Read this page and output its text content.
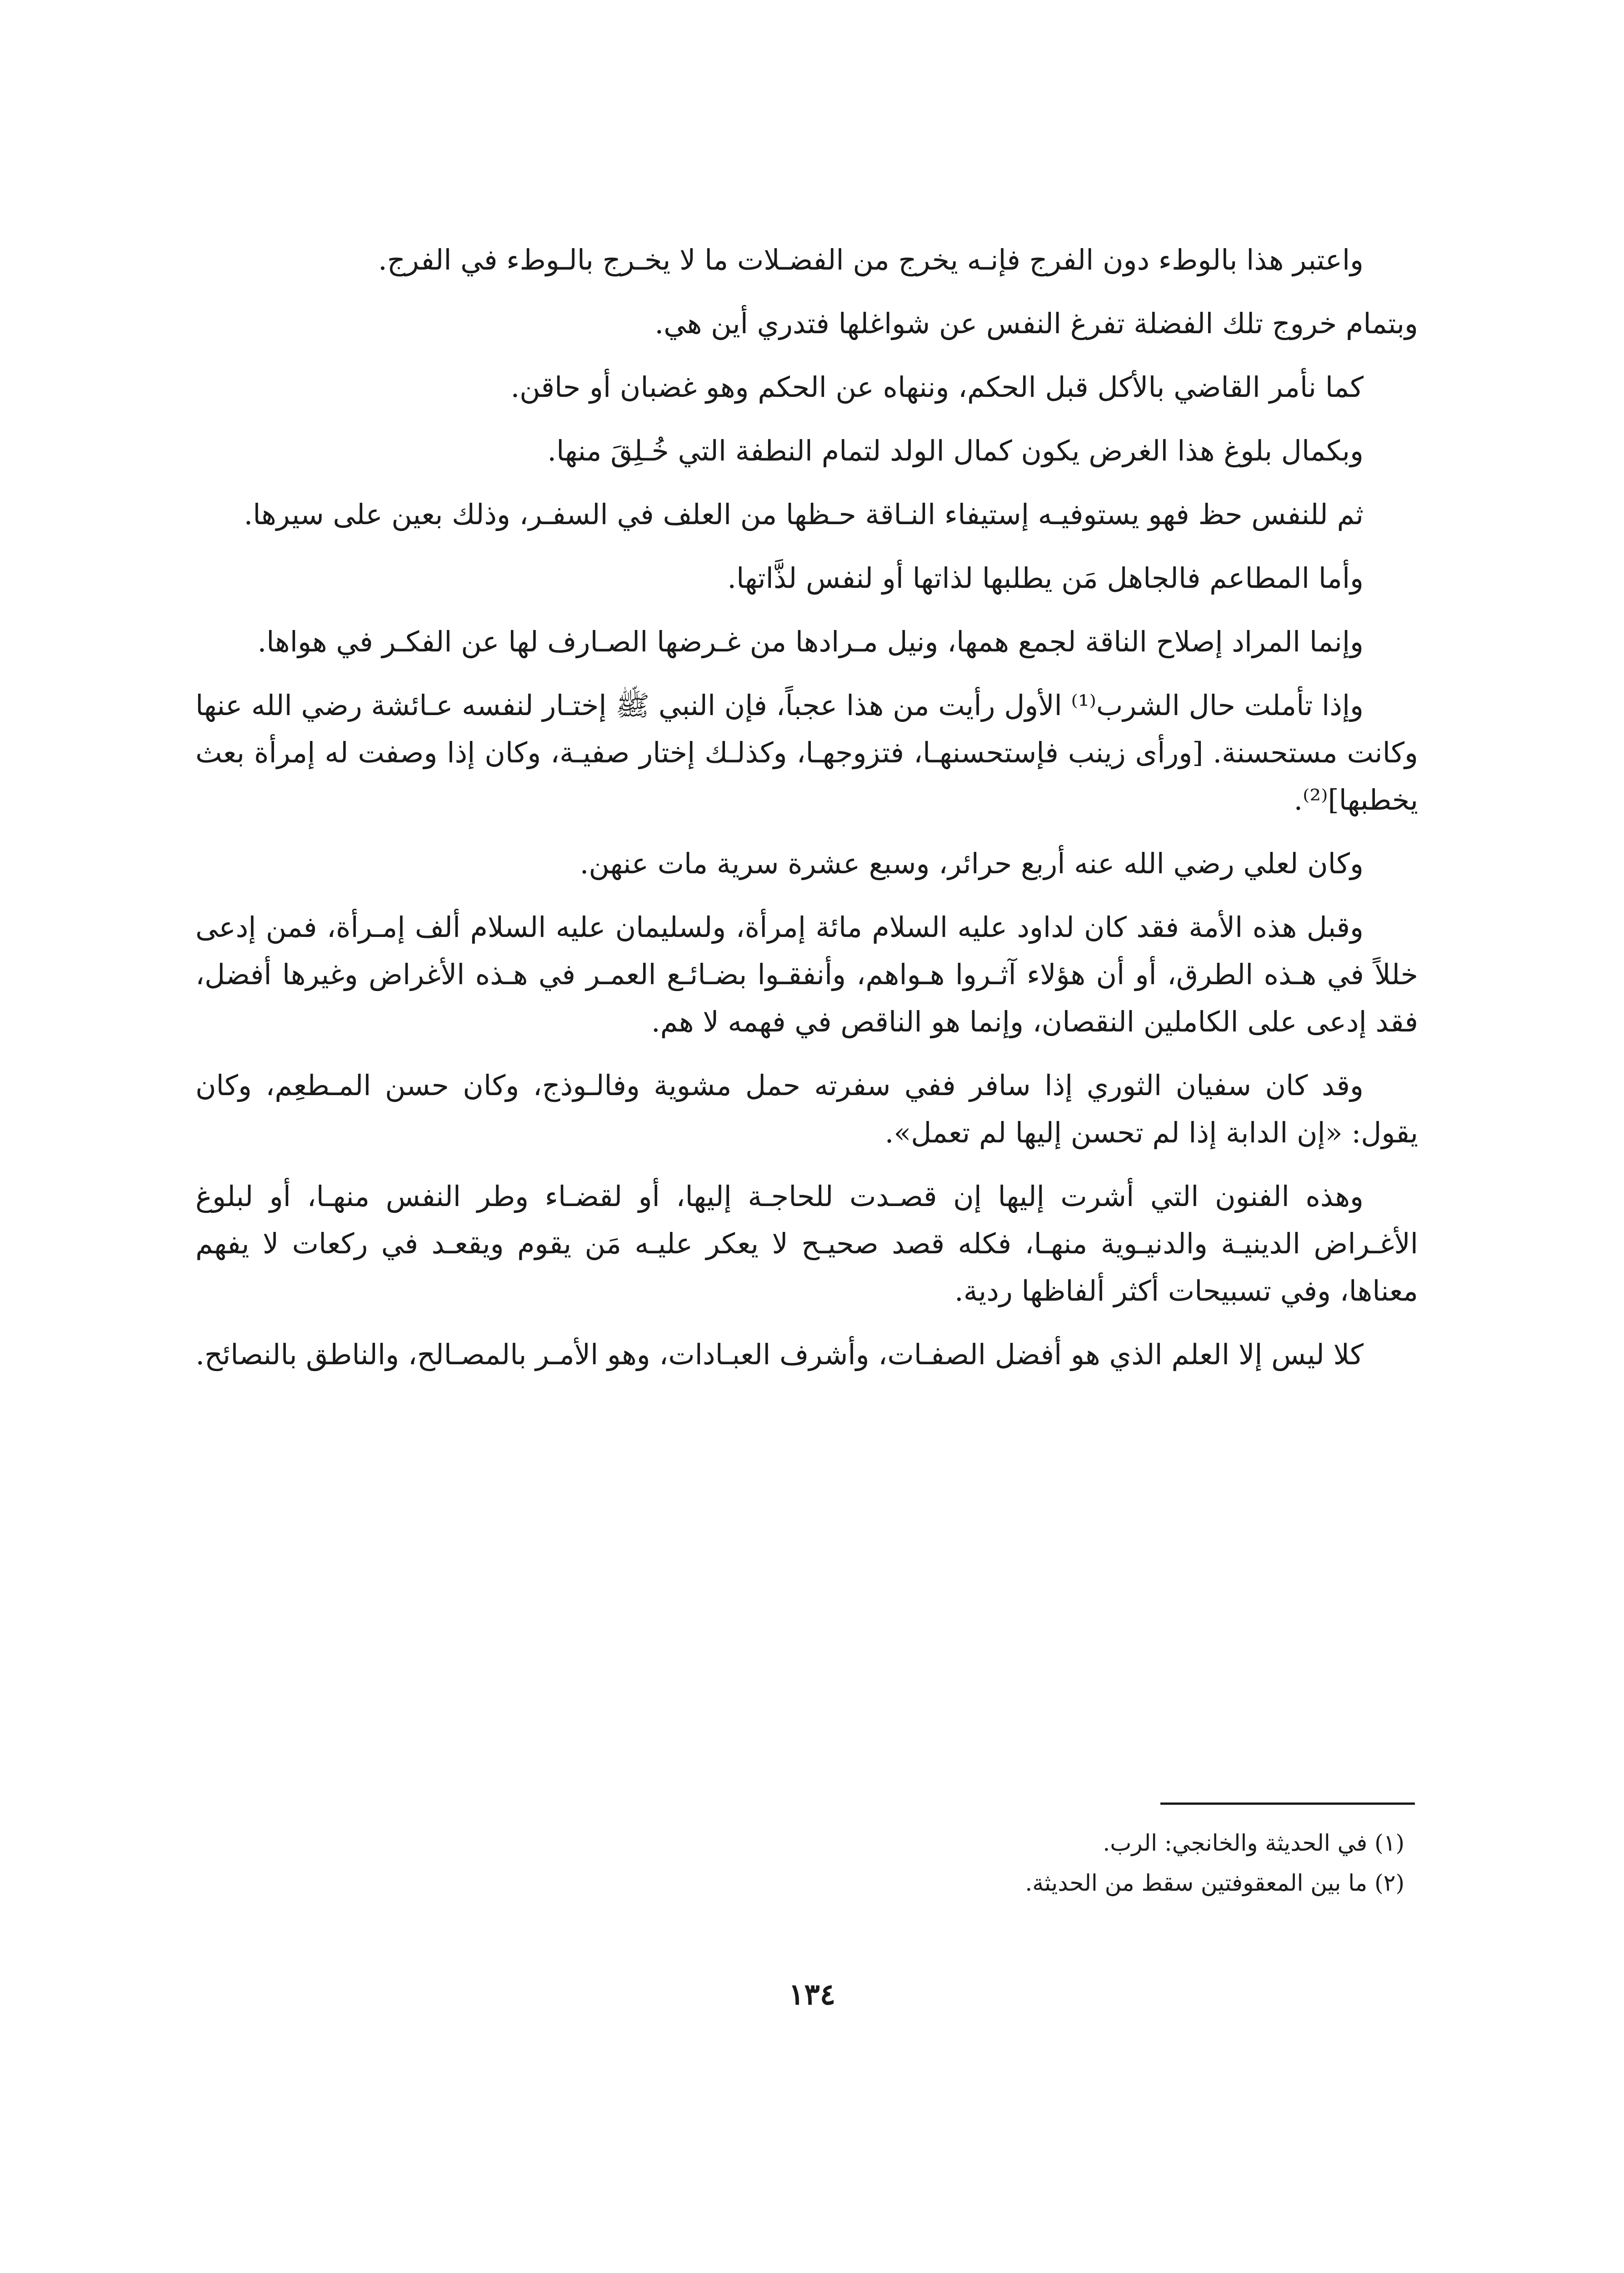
واعتبر هذا بالوطء دون الفرج فإنـه يخرج من الفضـلات ما لا يخـرج بالـوطء في الفرج.

وبتمام خروج تلك الفضلة تفرغ النفس عن شواغلها فتدري أين هي.

كما نأمر القاضي بالأكل قبل الحكم، وننهاه عن الحكم وهو غضبان أو حاقن.

وبكمال بلوغ هذا الغرض يكون كمال الولد لتمام النطفة التي خُـلِقَ منها.

ثم للنفس حظ فهو يستوفيـه إستيفاء النـاقة حـظها من العلف في السفـر، وذلك بعين على سيرها.

وأما المطاعم فالجاهل مَن يطلبها لذاتها أو لنفس لذَّاتها.

وإنما المراد إصلاح الناقة لجمع همها، ونيل مـرادها من غـرضها الصـارف لها عن الفكـر في هواها.

وإذا تأملت حال الشرب⁽¹⁾ الأول رأيت من هذا عجباً، فإن النبي ﷺ إختـار لنفسه عـائشة رضي الله عنها وكانت مستحسنة. [ورأى زينب فإستحسنهـا، فتزوجهـا، وكذلـك إختار صفيـة، وكان إذا وصفت له إمرأة بعث يخطبها]⁽²⁾.

وكان لعلي رضي الله عنه أربع حرائر، وسبع عشرة سرية مات عنهن.

وقبل هذه الأمة فقد كان لداود عليه السلام مائة إمرأة، ولسليمان عليه السلام ألف إمـرأة، فمن إدعى خللاً في هـذه الطرق، أو أن هؤلاء آثـروا هـواهم، وأنفقـوا بضـائـع العمـر في هـذه الأغراض وغيرها أفضل، فقد إدعى على الكاملين النقصان، وإنما هو الناقص في فهمه لا هم.

وقد كان سفيان الثوري إذا سافر ففي سفرته حمل مشوية وفالـوذج، وكان حسن المـطعِم، وكان يقول: «إن الدابة إذا لم تحسن إليها لم تعمل».

وهذه الفنون التي أشرت إليها إن قصـدت للحاجـة إليها، أو لقضـاء وطر النفس منهـا، أو لبلوغ الأغـراض الدينيـة والدنيـوية منهـا، فكله قصد صحيـح لا يعكر عليـه مَن يقوم ويقعـد في ركعات لا يفهم معناها، وفي تسبيحات أكثر ألفاظها ردية.

كلا ليس إلا العلم الذي هو أفضل الصفـات، وأشرف العبـادات، وهو الأمـر بالمصـالح، والناطق بالنصائح.

(١) في الحديثة والخانجي: الرب.

(٢) ما بين المعقوفتين سقط من الحديثة.

١٣٤
